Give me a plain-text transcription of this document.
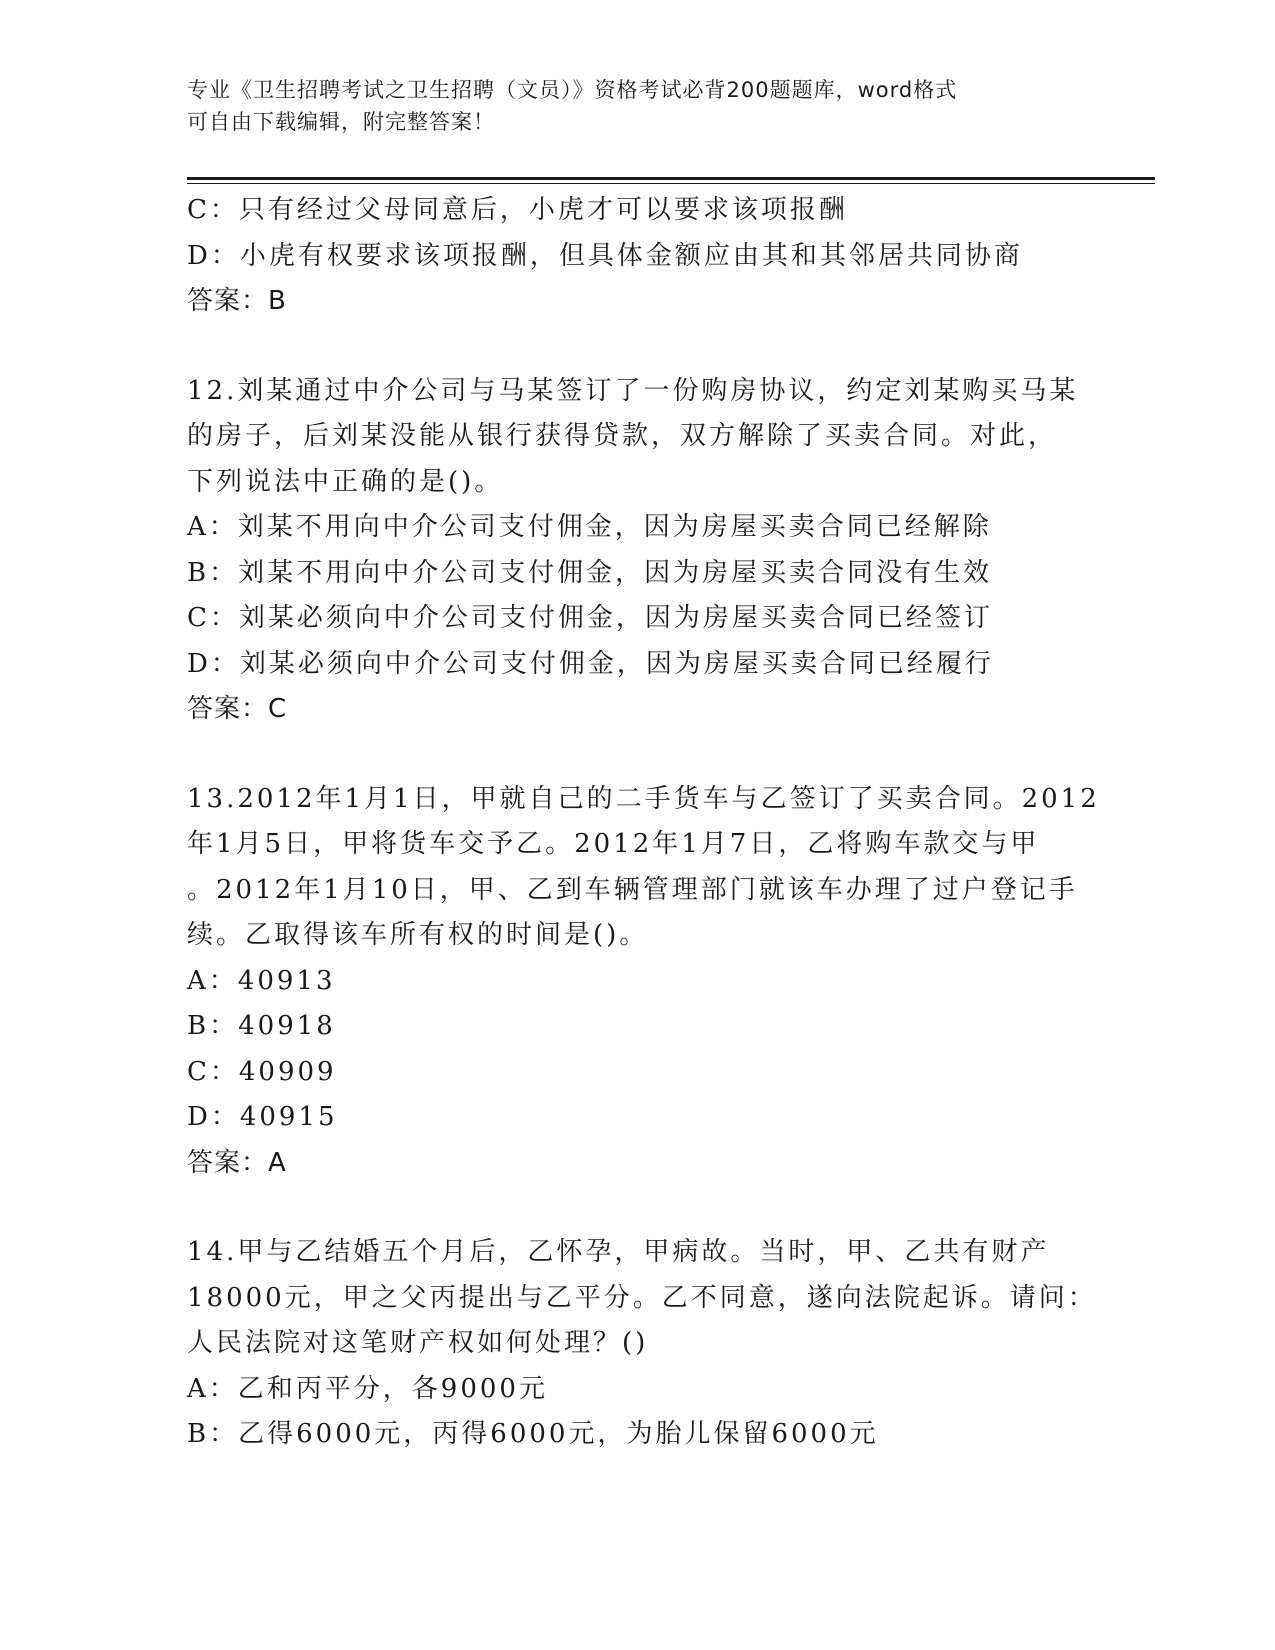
专业《卫生招聘考试之卫生招聘（文员）》资格考试必背200题题库，word格式
可自由下载编辑，附完整答案！
C：只有经过父母同意后，小虎才可以要求该项报酬
D：小虎有权要求该项报酬，但具体金额应由其和其邻居共同协商
答案：B
12.刘某通过中介公司与马某签订了一份购房协议，约定刘某购买马某
的房子，后刘某没能从银行获得贷款，双方解除了买卖合同。对此，
下列说法中正确的是()。
A：刘某不用向中介公司支付佣金，因为房屋买卖合同已经解除
B：刘某不用向中介公司支付佣金，因为房屋买卖合同没有生效
C：刘某必须向中介公司支付佣金，因为房屋买卖合同已经签订
D：刘某必须向中介公司支付佣金，因为房屋买卖合同已经履行
答案：C
13.2012年1月1日，甲就自己的二手货车与乙签订了买卖合同。2012
年1月5日，甲将货车交予乙。2012年1月7日，乙将购车款交与甲
。2012年1月10日，甲、乙到车辆管理部门就该车办理了过户登记手
续。乙取得该车所有权的时间是()。
A：40913
B：40918
C：40909
D：40915
答案：A
14.甲与乙结婚五个月后，乙怀孕，甲病故。当时，甲、乙共有财产
18000元，甲之父丙提出与乙平分。乙不同意，遂向法院起诉。请问：
人民法院对这笔财产权如何处理？()
A：乙和丙平分，各9000元
B：乙得6000元，丙得6000元，为胎儿保留6000元
